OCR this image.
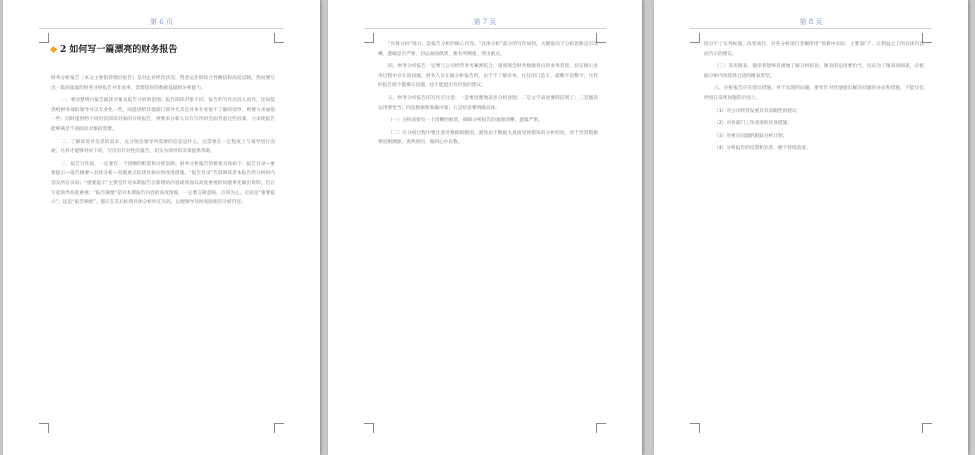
第 6 页
2 如何写一篇漂亮的财务报告

财务分析报告（本文主要指管理层报告）是对企业经营状况、资金运作的综合性概括和高度反映。然而要写出一篇高质量的财务分析报告并非易事，需要较好的数据基础和分析能力。

一、要清楚明白报告阅读对象及报告分析的范围。报告阅读对象不同，报告的写作应因人而异，比如提供给财务部的领导可以专业化一些，而提供给其他部门领导尤其是对本专业很不了解的领导，则要力求通俗一些；同时提供给不同层次阅读对象的分析报告，则要求分析人员在写作时全面考虑这些因素，力求使报告能够满足不同阅读对象的需要。

二、了解读者对信息的需求，充分领会领导所需要的信息是什么。这需要在一定程度上与领导进行沟通，这样才能够对症下药，写出有针对性的报告，切实为领导的决策提供帮助。

三、报告写作前，一定要有一个清晰的框架和分析思路。财务分析报告的框架具体如下：报告目录—重要提示—报告摘要—具体分析—问题重点综述及相应的改进措施。“报告目录”告诉阅读者本报告所分析的内容及所在页码；“重要提示”主要是针对本期报告在新增的内容或须加以高度重视的问题事先做出说明，旨在引起领导高度重视；“报告摘要”是对本期报告内容的高度浓缩，一定要言简意赅，点到为止。无论是“重要提示”，还是“报告摘要”，都应在其后标明具体分析所在页码，以便领导及时查阅相应分析内容。

第 7 页

“具体分析”部分，是报告分析的核心内容。“具体分析”部分的写作如何，关键取决于分析思路是否清晰，逻辑是否严密，切忌面面俱到，要有所侧重，突出重点。

四、财务分析报告一定要与公司经营业务紧密结合，深刻领会财务数据背后的业务背景，切实揭示业务过程中存在的问题。财务人员在做分析报告时，由于不了解业务，往往闭门造车，就数字论数字，这样的报告既不能揭示问题，也不能提出有价值的建议。

五、财务分析报告的写作应注意：一是要清楚地表达分析意图；二是文字表述要简洁明了；三是图表运用要恰当；四是数据要准确可靠；五是结论要明确具体。

（一）分析前要有一个清晰的框架，确保分析报告的条理清晰、逻辑严密。

（二）在分析过程中要注意对数据的甄别，避免由于数据失真而导致错误的分析结论。对于异常数据要追根溯源，查明原因，做到心中有数。

第 8 页

持分不了实务标题，改变项目，对各分析项目金额所用“预算中实际、主要部门”，在利益之上的具体内容而告示的建议。

（三）采用图表，使读者能够直观地了解分析结论。图表的运用要恰当，切忌为了图表而图表，应根据分析内容选择合适的图表类型。

六、分析报告应有建议措施，对于发现的问题，要有针对性地提出解决问题的办法和措施，不能仅仅停留在发现问题的层面上。

（1）对公司经营发展具有前瞻性的建议；

（2）对各部门工作改进的具体措施；

（3）对重点问题的跟踪分析计划；

（4）分析报告的反馈和完善，便于持续改进。
